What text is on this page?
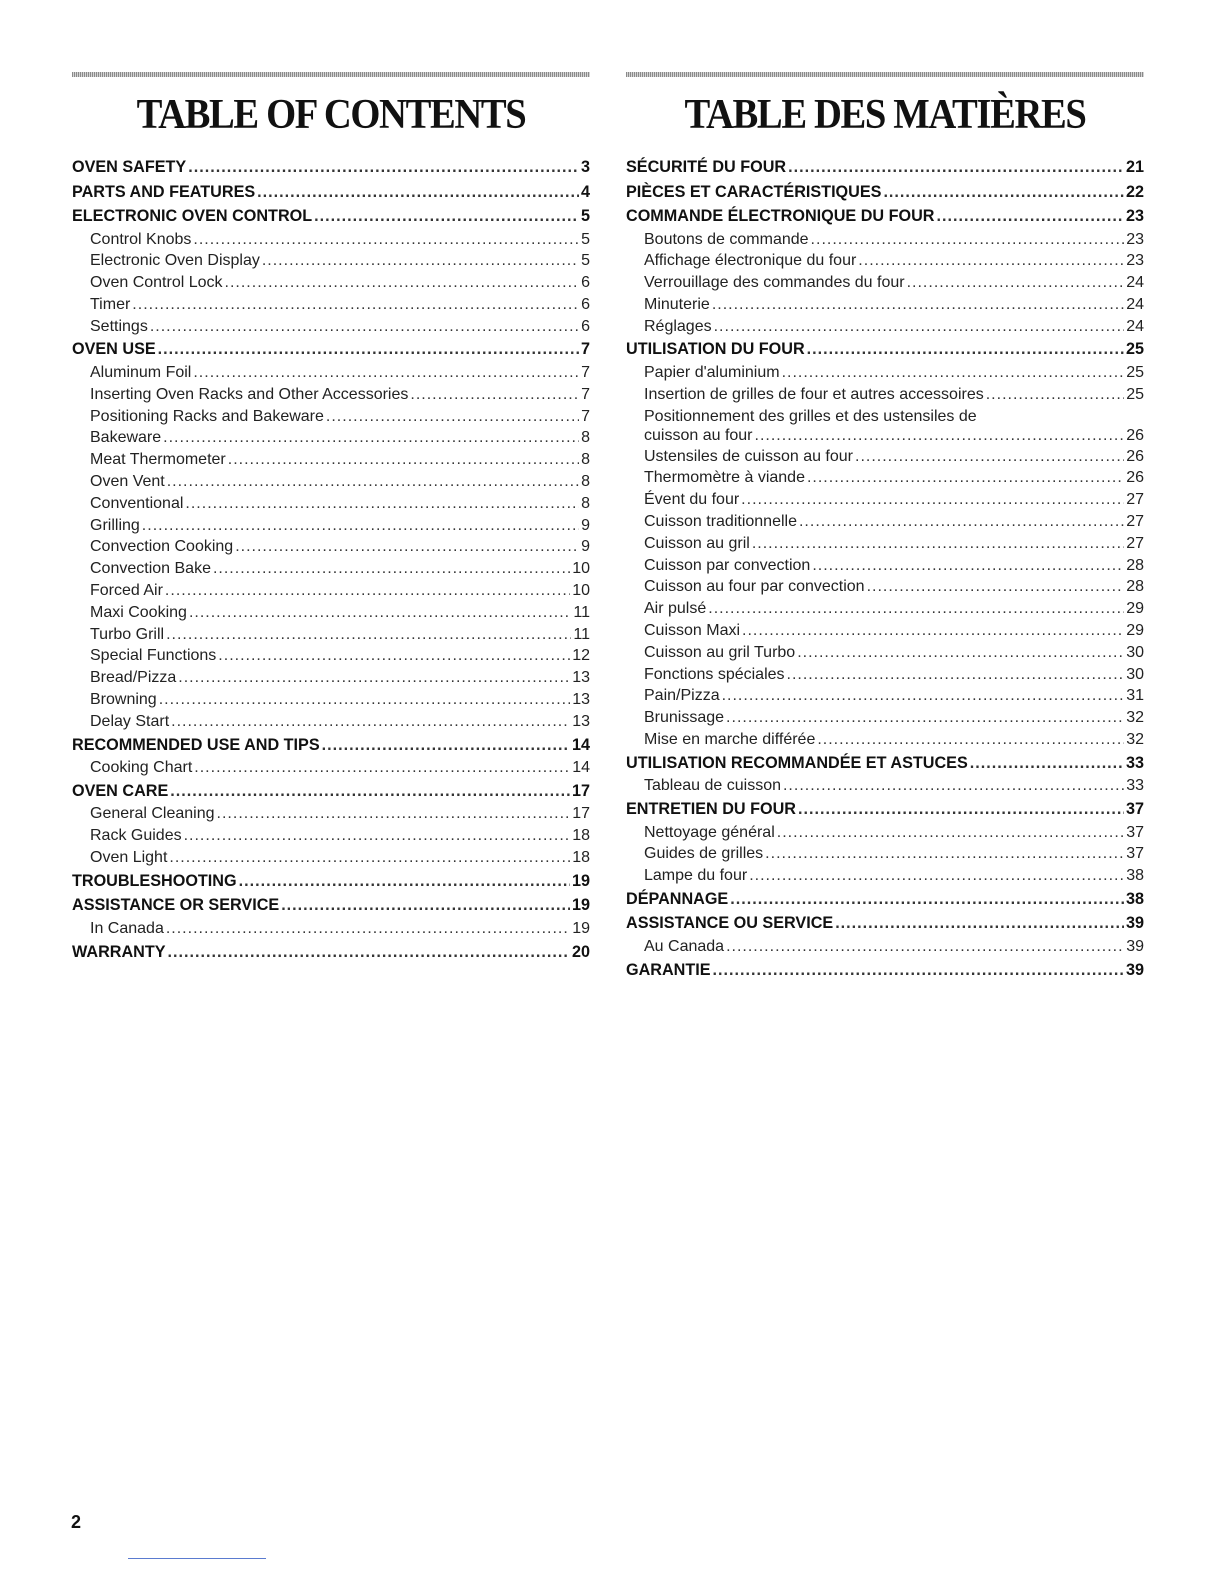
TABLE OF CONTENTS
OVEN SAFETY .....	3
PARTS AND FEATURES .....	4
ELECTRONIC OVEN CONTROL .....	5
Control Knobs .....	5
Electronic Oven Display .....	5
Oven Control Lock .....	6
Timer .....	6
Settings .....	6
OVEN USE .....	7
Aluminum Foil .....	7
Inserting Oven Racks and Other Accessories .....	7
Positioning Racks and Bakeware .....	7
Bakeware .....	8
Meat Thermometer .....	8
Oven Vent .....	8
Conventional .....	8
Grilling .....	9
Convection Cooking .....	9
Convection Bake .....	10
Forced Air .....	10
Maxi Cooking .....	11
Turbo Grill .....	11
Special Functions .....	12
Bread/Pizza .....	13
Browning .....	13
Delay Start .....	13
RECOMMENDED USE AND TIPS .....	14
Cooking Chart .....	14
OVEN CARE .....	17
General Cleaning .....	17
Rack Guides .....	18
Oven Light .....	18
TROUBLESHOOTING .....	19
ASSISTANCE OR SERVICE .....	19
In Canada .....	19
WARRANTY .....	20
TABLE DES MATIÈRES
SÉCURITÉ DU FOUR .....	21
PIÈCES ET CARACTÉRISTIQUES .....	22
COMMANDE ÉLECTRONIQUE DU FOUR .....	23
Boutons de commande .....	23
Affichage électronique du four .....	23
Verrouillage des commandes du four .....	24
Minuterie .....	24
Réglages .....	24
UTILISATION DU FOUR .....	25
Papier d'aluminium .....	25
Insertion de grilles de four et autres accessoires .....	25
Positionnement des grilles et des ustensiles de
cuisson au four .....	26
Ustensiles de cuisson au four .....	26
Thermomètre à viande .....	26
Évent du four .....	27
Cuisson traditionnelle .....	27
Cuisson au gril .....	27
Cuisson par convection .....	28
Cuisson au four par convection .....	28
Air pulsé .....	29
Cuisson Maxi .....	29
Cuisson au gril Turbo .....	30
Fonctions spéciales .....	30
Pain/Pizza .....	31
Brunissage .....	32
Mise en marche différée .....	32
UTILISATION RECOMMANDÉE ET ASTUCES .....	33
Tableau de cuisson .....	33
ENTRETIEN DU FOUR .....	37
Nettoyage général .....	37
Guides de grilles .....	37
Lampe du four .....	38
DÉPANNAGE .....	38
ASSISTANCE OU SERVICE .....	39
Au Canada .....	39
GARANTIE .....	39
2
